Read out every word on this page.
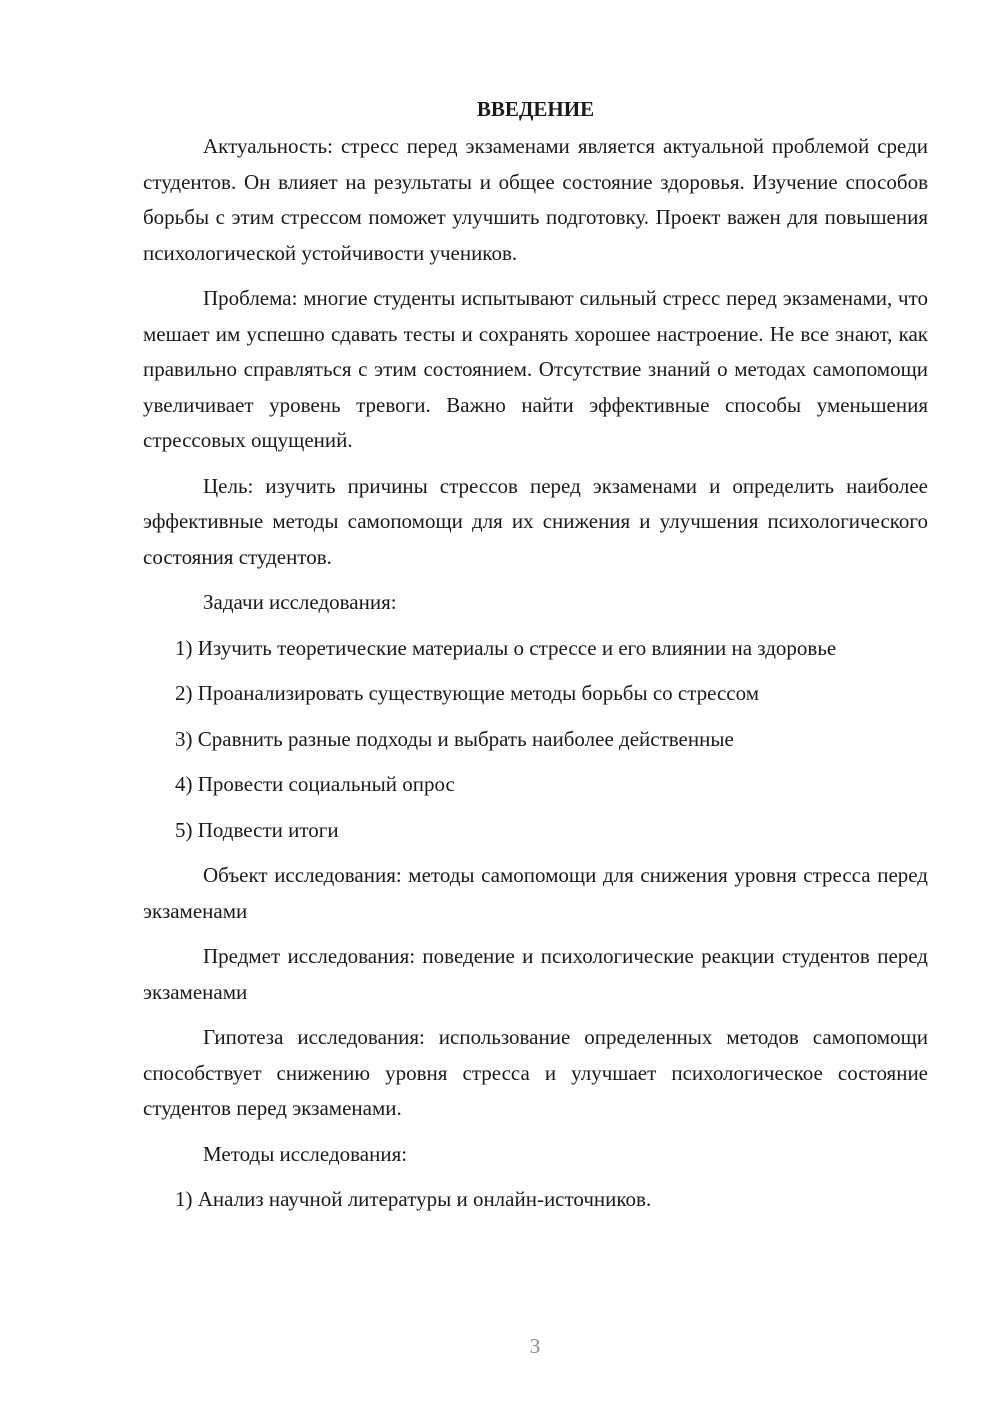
ВВЕДЕНИЕ

Актуальность: стресс перед экзаменами является актуальной проблемой среди студентов. Он влияет на результаты и общее состояние здоровья. Изучение способов борьбы с этим стрессом поможет улучшить подготовку. Проект важен для повышения психологической устойчивости учеников.

Проблема: многие студенты испытывают сильный стресс перед экзаменами, что мешает им успешно сдавать тесты и сохранять хорошее настроение. Не все знают, как правильно справляться с этим состоянием. Отсутствие знаний о методах самопомощи увеличивает уровень тревоги. Важно найти эффективные способы уменьшения стрессовых ощущений.

Цель: изучить причины стрессов перед экзаменами и определить наиболее эффективные методы самопомощи для их снижения и улучшения психологического состояния студентов.

Задачи исследования:

1) Изучить теоретические материалы о стрессе и его влиянии на здоровье

2) Проанализировать существующие методы борьбы со стрессом

3) Сравнить разные подходы и выбрать наиболее действенные

4) Провести социальный опрос

5) Подвести итоги

Объект исследования: методы самопомощи для снижения уровня стресса перед экзаменами

Предмет исследования: поведение и психологические реакции студентов перед экзаменами

Гипотеза исследования: использование определенных методов самопомощи способствует снижению уровня стресса и улучшает психологическое состояние студентов перед экзаменами.

Методы исследования:

1) Анализ научной литературы и онлайн-источников.

3
